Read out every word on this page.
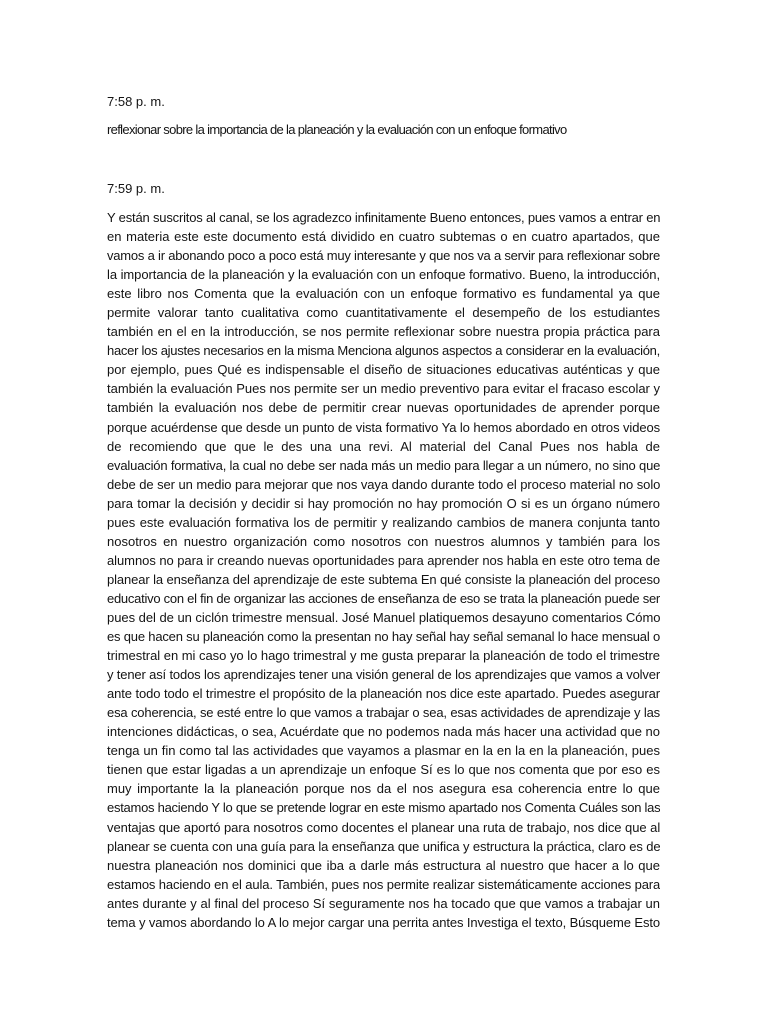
7:58 p. m.
reflexionar sobre la importancia de la planeación y la evaluación con un enfoque formativo
7:59 p. m.
Y están suscritos al canal, se los agradezco infinitamente Bueno entonces, pues vamos a entrar en
en materia este este documento está dividido en cuatro subtemas o en cuatro apartados, que
vamos a ir abonando poco a poco está muy interesante y que nos va a servir para reflexionar sobre
la importancia de la planeación y la evaluación con un enfoque formativo. Bueno, la introducción,
este libro nos Comenta que la evaluación con un enfoque formativo es fundamental ya que
permite valorar tanto cualitativa como cuantitativamente el desempeño de los estudiantes
también en el en la introducción, se nos permite reflexionar sobre nuestra propia práctica para
hacer los ajustes necesarios en la misma Menciona algunos aspectos a considerar en la evaluación,
por ejemplo, pues Qué es indispensable el diseño de situaciones educativas auténticas y que
también la evaluación Pues nos permite ser un medio preventivo para evitar el fracaso escolar y
también la evaluación nos debe de permitir crear nuevas oportunidades de aprender porque
porque acuérdense que desde un punto de vista formativo Ya lo hemos abordado en otros videos
de recomiendo que que le des una una revi. Al material del Canal Pues nos habla de
evaluación formativa, la cual no debe ser nada más un medio para llegar a un número, no sino que
debe de ser un medio para mejorar que nos vaya dando durante todo el proceso material no solo
para tomar la decisión y decidir si hay promoción no hay promoción O si es un órgano número
pues este evaluación formativa los de permitir y realizando cambios de manera conjunta tanto
nosotros en nuestro organización como nosotros con nuestros alumnos y también para los
alumnos no para ir creando nuevas oportunidades para aprender nos habla en este otro tema de
planear la enseñanza del aprendizaje de este subtema En qué consiste la planeación del proceso
educativo con el fin de organizar las acciones de enseñanza de eso se trata la planeación puede ser
pues del de un ciclón trimestre mensual. José Manuel platiquemos desayuno comentarios Cómo
es que hacen su planeación como la presentan no hay señal hay señal semanal lo hace mensual o
trimestral en mi caso yo lo hago trimestral y me gusta preparar la planeación de todo el trimestre
y tener así todos los aprendizajes tener una visión general de los aprendizajes que vamos a volver
ante todo todo el trimestre el propósito de la planeación nos dice este apartado. Puedes asegurar
esa coherencia, se esté entre lo que vamos a trabajar o sea, esas actividades de aprendizaje y las
intenciones didácticas, o sea, Acuérdate que no podemos nada más hacer una actividad que no
tenga un fin como tal las actividades que vayamos a plasmar en la en la en la planeación, pues
tienen que estar ligadas a un aprendizaje un enfoque Sí es lo que nos comenta que por eso es
muy importante la la planeación porque nos da el nos asegura esa coherencia entre lo que
estamos haciendo Y lo que se pretende lograr en este mismo apartado nos Comenta Cuáles son las
ventajas que aportó para nosotros como docentes el planear una ruta de trabajo, nos dice que al
planear se cuenta con una guía para la enseñanza que unifica y estructura la práctica, claro es de
nuestra planeación nos dominici que iba a darle más estructura al nuestro que hacer a lo que
estamos haciendo en el aula. También, pues nos permite realizar sistemáticamente acciones para
antes durante y al final del proceso Sí seguramente nos ha tocado que que vamos a trabajar un
tema y vamos abordando lo A lo mejor cargar una perrita antes Investiga el texto, Búsqueme Esto
